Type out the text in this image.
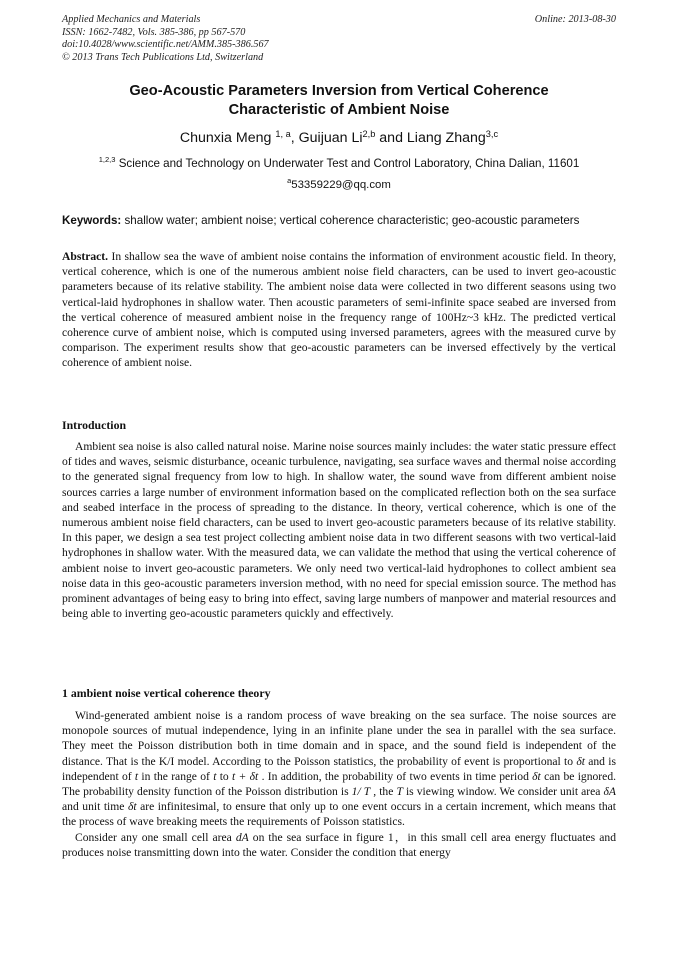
Applied Mechanics and Materials
ISSN: 1662-7482, Vols. 385-386, pp 567-570
doi:10.4028/www.scientific.net/AMM.385-386.567
© 2013 Trans Tech Publications Ltd, Switzerland
Online: 2013-08-30
Geo-Acoustic Parameters Inversion from Vertical Coherence
Characteristic of Ambient Noise
Chunxia Meng $^{1, a}$, Guijuan Li$^{2,b}$ and Liang Zhang$^{3,c}$
$^{1,2,3}$ Science and Technology on Underwater Test and Control Laboratory, China Dalian, 11601
$^a$53359229@qq.com
Keywords: shallow water; ambient noise; vertical coherence characteristic; geo-acoustic parameters

Abstract. In shallow sea the wave of ambient noise contains the information of environment acoustic field. In theory, vertical coherence, which is one of the numerous ambient noise field characters, can be used to invert geo-acoustic parameters because of its relative stability. The ambient noise data were collected in two different seasons using two vertical-laid hydrophones in shallow water. Then acoustic parameters of semi-infinite space seabed are inversed from the vertical coherence of measured ambient noise in the frequency range of 100Hz~3 kHz. The predicted vertical coherence curve of ambient noise, which is computed using inversed parameters, agrees with the measured curve by comparison. The experiment results show that geo-acoustic parameters can be inversed effectively by the vertical coherence of ambient noise.

Introduction

Ambient sea noise is also called natural noise. Marine noise sources mainly includes: the water static pressure effect of tides and waves, seismic disturbance, oceanic turbulence, navigating, sea surface waves and thermal noise according to the generated signal frequency from low to high. In shallow water, the sound wave from different ambient noise sources carries a large number of environment information based on the complicated reflection both on the sea surface and seabed interface in the process of spreading to the distance. In theory, vertical coherence, which is one of the numerous ambient noise field characters, can be used to invert geo-acoustic parameters because of its relative stability. In this paper, we design a sea test project collecting ambient noise data in two different seasons with two vertical-laid hydrophones in shallow water. With the measured data, we can validate the method that using the vertical coherence of ambient noise to invert geo-acoustic parameters. We only need two vertical-laid hydrophones to collect ambient sea noise data in this geo-acoustic parameters inversion method, with no need for special emission source. The method has prominent advantages of being easy to bring into effect, saving large numbers of manpower and material resources and being able to inverting geo-acoustic parameters quickly and effectively.

1 ambient noise vertical coherence theory

Wind-generated ambient noise is a random process of wave breaking on the sea surface. The noise sources are monopole sources of mutual independence, lying in an infinite plane under the sea in parallel with the sea surface. They meet the Poisson distribution both in time domain and in space, and the sound field is independent of the distance. That is the K/I model. According to the Poisson statistics, the probability of event is proportional to δt and is independent of t in the range of t to t + δt . In addition, the probability of two events in time period δt can be ignored. The probability density function of the Poisson distribution is 1/ T , the T is viewing window. We consider unit area δA and unit time δt are infinitesimal, to ensure that only up to one event occurs in a certain increment, which means that the process of wave breaking meets the requirements of Poisson statistics.

Consider any one small cell area dA on the sea surface in figure 1，in this small cell area energy fluctuates and produces noise transmitting down into the water. Consider the condition that energy
